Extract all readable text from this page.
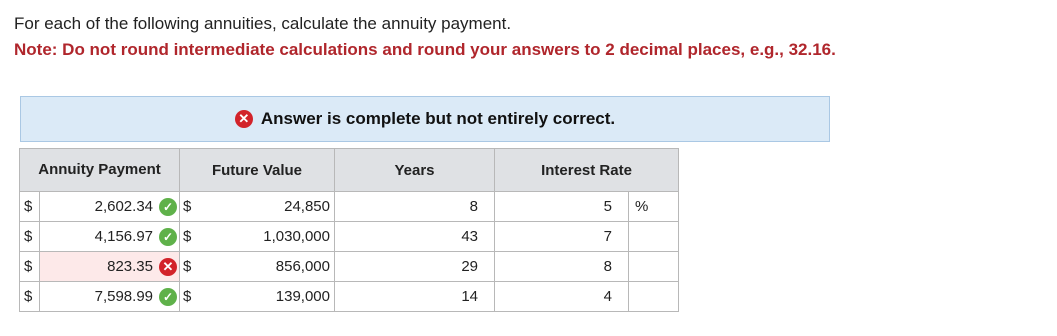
For each of the following annuities, calculate the annuity payment.
Note: Do not round intermediate calculations and round your answers to 2 decimal places, e.g., 32.16.
✕ Answer is complete but not entirely correct.
Annuity Payment		Future Value	Years	Interest Rate	
$	2,602.34 ✓	$ 24,850	8	5	%
$	4,156.97 ✓	$ 1,030,000	43	7	
$	823.35 ✕	$ 856,000	29	8	
$	7,598.99 ✓	$ 139,000	14	4	
